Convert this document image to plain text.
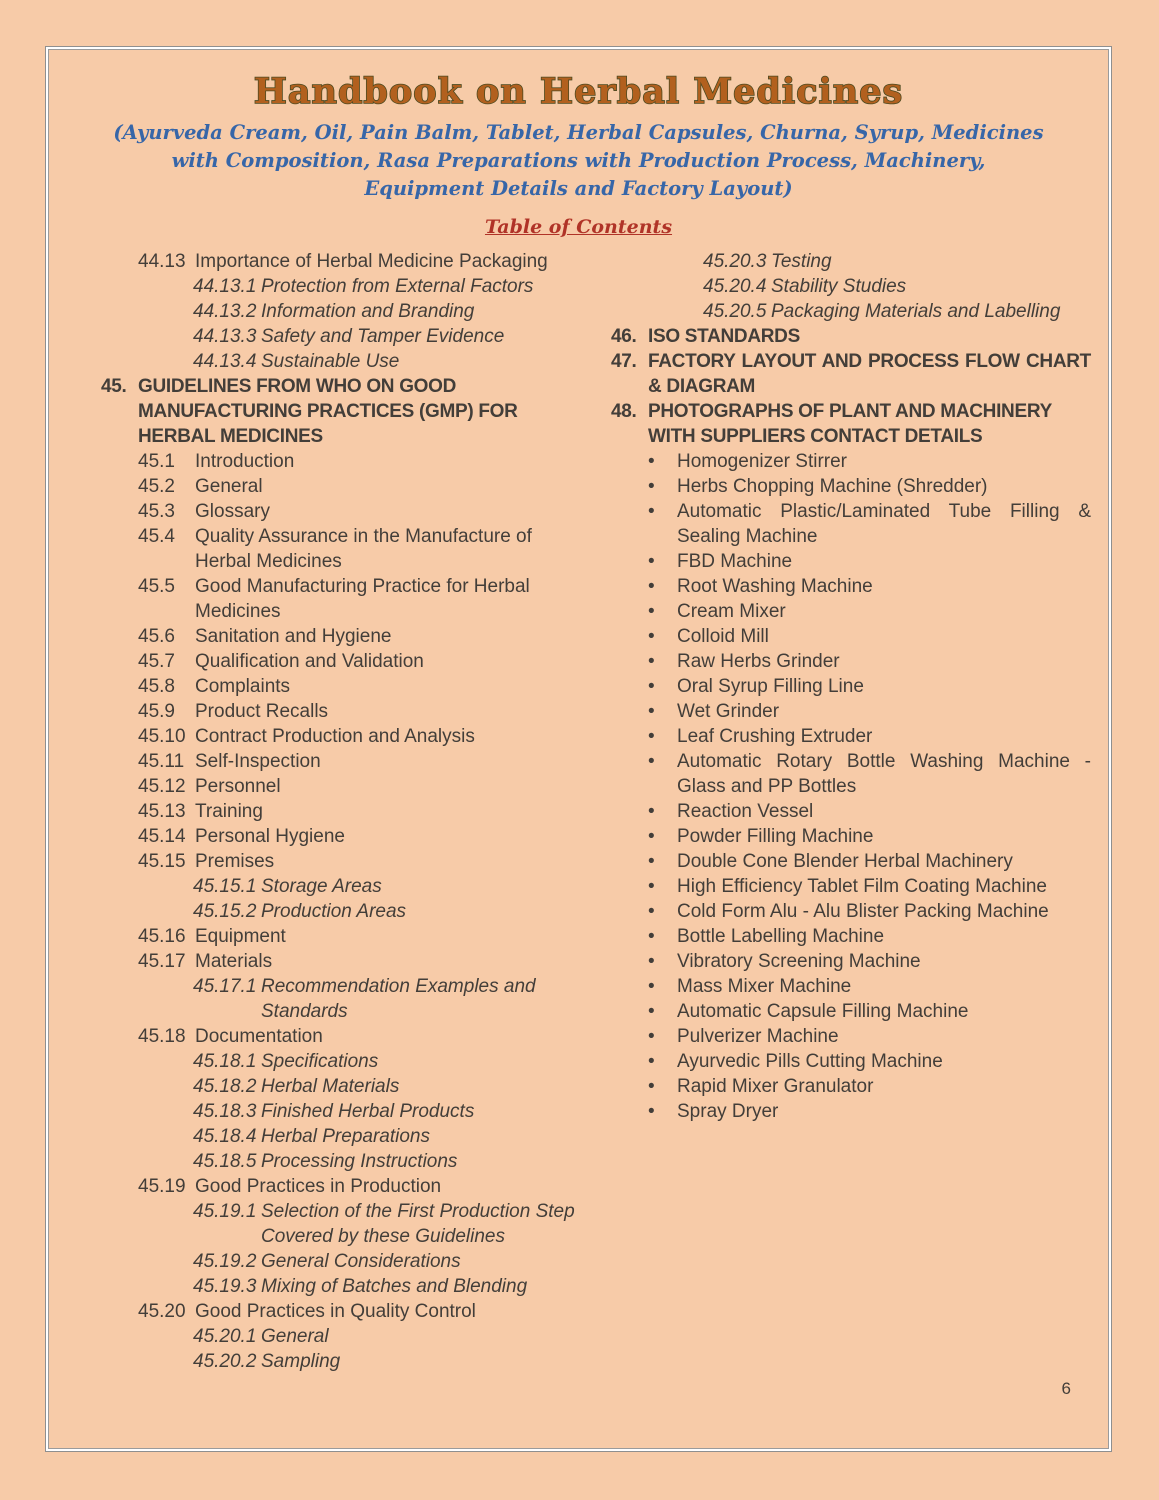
Handbook on Herbal Medicines
(Ayurveda Cream, Oil, Pain Balm, Tablet, Herbal Capsules, Churna, Syrup, Medicines with Composition, Rasa Preparations with Production Process, Machinery, Equipment Details and Factory Layout)
Table of Contents
44.13 Importance of Herbal Medicine Packaging
44.13.1 Protection from External Factors
44.13.2 Information and Branding
44.13.3 Safety and Tamper Evidence
44.13.4 Sustainable Use
45. GUIDELINES FROM WHO ON GOOD MANUFACTURING PRACTICES (GMP) FOR HERBAL MEDICINES
45.1	Introduction
45.2	General
45.3	Glossary
45.4	Quality Assurance in the Manufacture of Herbal Medicines
45.5	Good Manufacturing Practice for Herbal Medicines
45.6	Sanitation and Hygiene
45.7	Qualification and Validation
45.8	Complaints
45.9	Product Recalls
45.10 Contract Production and Analysis
45.11 Self-Inspection
45.12 Personnel
45.13 Training
45.14 Personal Hygiene
45.15 Premises
45.15.1 Storage Areas
45.15.2 Production Areas
45.16 Equipment
45.17 Materials
45.17.1 Recommendation Examples and Standards
45.18 Documentation
45.18.1 Specifications
45.18.2 Herbal Materials
45.18.3 Finished Herbal Products
45.18.4 Herbal Preparations
45.18.5 Processing Instructions
45.19 Good Practices in Production
45.19.1 Selection of the First Production Step Covered by these Guidelines
45.19.2 General Considerations
45.19.3 Mixing of Batches and Blending
45.20 Good Practices in Quality Control
45.20.1 General
45.20.2 Sampling
45.20.3 Testing
45.20.4 Stability Studies
45.20.5 Packaging Materials and Labelling
46. ISO STANDARDS
47. FACTORY LAYOUT AND PROCESS FLOW CHART & DIAGRAM
48. PHOTOGRAPHS OF PLANT AND MACHINERY WITH SUPPLIERS CONTACT DETAILS
•	Homogenizer Stirrer
•	Herbs Chopping Machine (Shredder)
•	Automatic Plastic/Laminated Tube Filling & Sealing Machine
•	FBD Machine
•	Root Washing Machine
•	Cream Mixer
•	Colloid Mill
•	Raw Herbs Grinder
•	Oral Syrup Filling Line
•	Wet Grinder
•	Leaf Crushing Extruder
•	Automatic Rotary Bottle Washing Machine - Glass and PP Bottles
•	Reaction Vessel
•	Powder Filling Machine
•	Double Cone Blender Herbal Machinery
•	High Efficiency Tablet Film Coating Machine
•	Cold Form Alu - Alu Blister Packing Machine
•	Bottle Labelling Machine
•	Vibratory Screening Machine
•	Mass Mixer Machine
•	Automatic Capsule Filling Machine
•	Pulverizer Machine
•	Ayurvedic Pills Cutting Machine
•	Rapid Mixer Granulator
•	Spray Dryer
6
